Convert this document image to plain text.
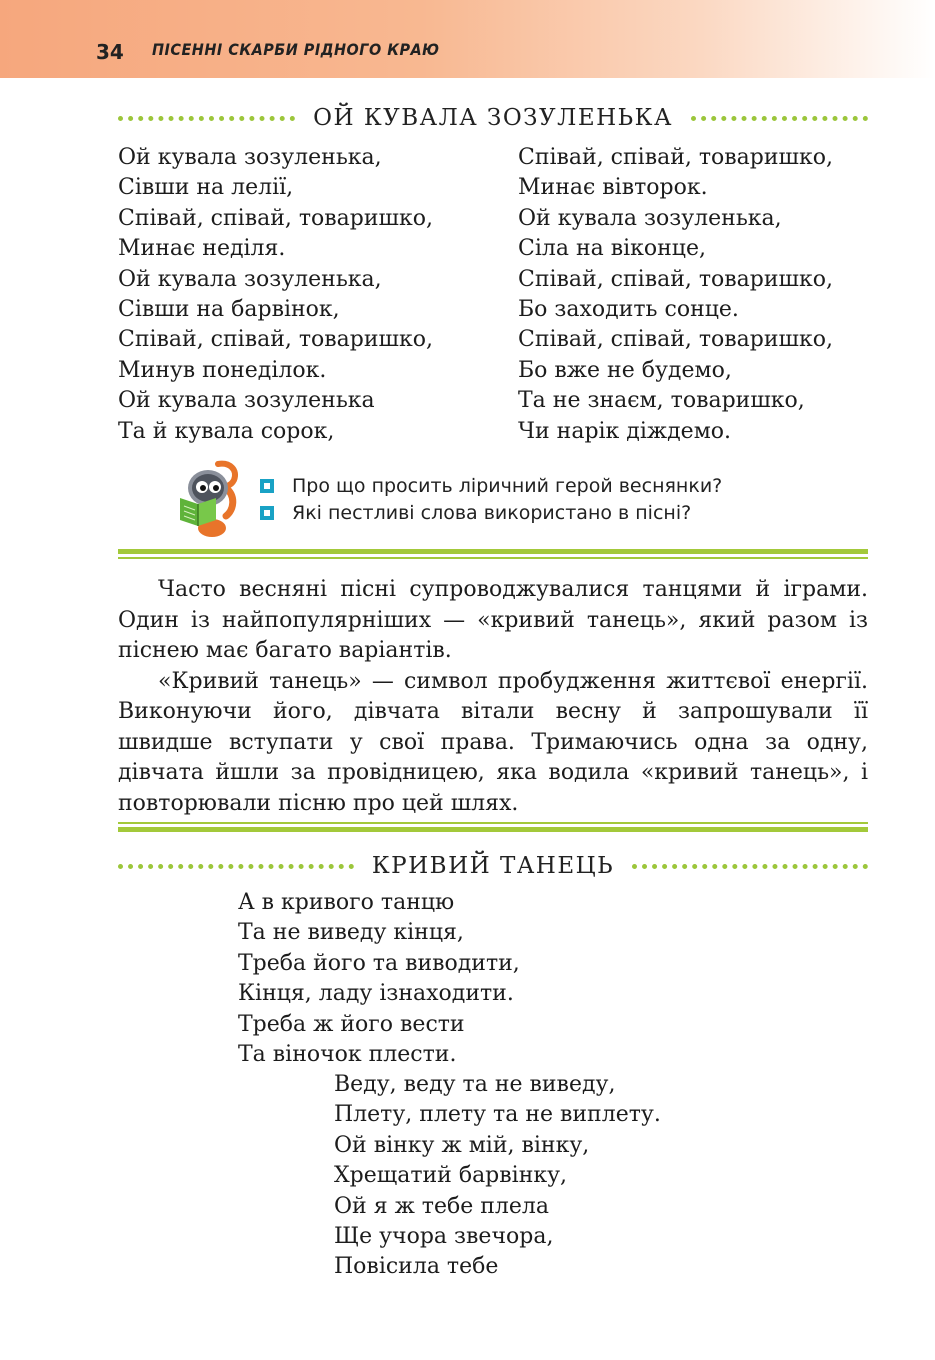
34 ПІСЕННІ СКАРБИ РІДНОГО КРАЮ
ОЙ КУВАЛА ЗОЗУЛЕНЬКА
Ой кувала зозуленька,
Сівши на лелії,
Співай, співай, товаришко,
Минає неділя.
Ой кувала зозуленька,
Сівши на барвінок,
Співай, співай, товаришко,
Минув понеділок.
Ой кувала зозуленька
Та й кувала сорок,
Співай, співай, товаришко,
Минає вівторок.
Ой кувала зозуленька,
Сіла на віконце,
Співай, співай, товаришко,
Бо заходить сонце.
Співай, співай, товаришко,
Бо вже не будемо,
Та не знаєм, товаришко,
Чи нарік діждемо.
Про що просить ліричний герой веснянки?
Які пестливі слова використано в пісні?

Часто весняні пісні супроводжувалися танцями й іграми. Один із найпопулярніших — «кривий танець», який разом із піснею має багато варіантів.

«Кривий танець» — символ пробудження життєвої енергії. Виконуючи його, дівчата вітали весну й запрошували її швидше вступати у свої права. Тримаючись одна за одну, дівчата йшли за провідницею, яка водила «кривий танець», і повторювали пісню про цей шлях.

КРИВИЙ ТАНЕЦЬ
А в кривого танцю
Та не виведу кінця,
Треба його та виводити,
Кінця, ладу ізнаходити.
Треба ж його вести
Та віночок плести.
Веду, веду та не виведу,
Плету, плету та не виплету.
Ой вінку ж мій, вінку,
Хрещатий барвінку,
Ой я ж тебе плела
Ще учора звечора,
Повісила тебе
